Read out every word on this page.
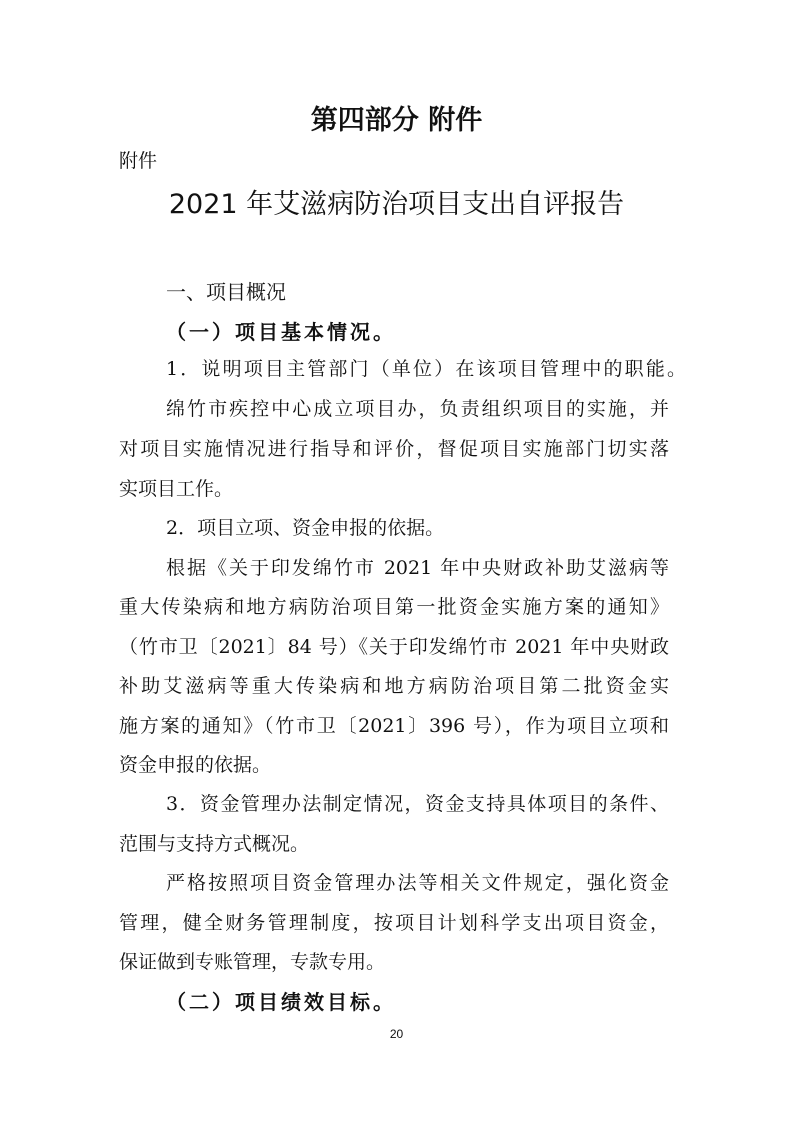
第四部分 附件
附件
2021 年艾滋病防治项目支出自评报告
一、项目概况
（一）项目基本情况。
1．说明项目主管部门（单位）在该项目管理中的职能。
绵竹市疾控中心成立项目办，负责组织项目的实施，并
对项目实施情况进行指导和评价，督促项目实施部门切实落
实项目工作。
2．项目立项、资金申报的依据。
根据《关于印发绵竹市 2021 年中央财政补助艾滋病等
重大传染病和地方病防治项目第一批资金实施方案的通知》
（竹市卫〔2021〕84 号）《关于印发绵竹市 2021 年中央财政
补助艾滋病等重大传染病和地方病防治项目第二批资金实
施方案的通知》（竹市卫〔2021〕396 号），作为项目立项和
资金申报的依据。
3．资金管理办法制定情况，资金支持具体项目的条件、
范围与支持方式概况。
严格按照项目资金管理办法等相关文件规定，强化资金
管理，健全财务管理制度，按项目计划科学支出项目资金，
保证做到专账管理，专款专用。
（二）项目绩效目标。
20
